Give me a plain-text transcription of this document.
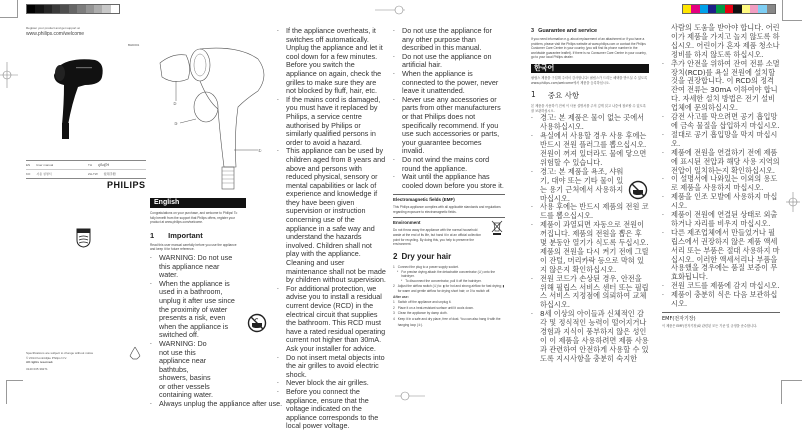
Register your product and get support at
www.philips.com/welcome
BHD001
①
②
③
EN User manual	TH คู่มือผู้ใช้
KO 사용 설명서	ZH-TW 使用手冊
PHILIPS
Specifications are subject to change without notice
© 2014 Koninklijke Philips N.V.
All rights reserved.
3140 035 39271
English
Congratulations on your purchase, and welcome to Philips! To fully benefit from the support that Philips offers, register your product at www.philips.com/welcome.
1 Important
Read this user manual carefully before you use the appliance and keep it for future reference.
- WARNING: Do not use this appliance near water.
- When the appliance is used in a bathroom, unplug it after use since the proximity of water presents a risk, even when the appliance is switched off.
- WARNING: Do not use this appliance near bathtubs, showers, basins or other vessels containing water.
- Always unplug the appliance after use.
- If the appliance overheats, it switches off automatically. Unplug the appliance and let it cool down for a few minutes. Before you switch the appliance on again, check the grilles to make sure they are not blocked by fluff, hair, etc.
- If the mains cord is damaged, you must have it replaced by Philips, a service centre authorised by Philips or similarly qualified persons in order to avoid a hazard.
- This appliance can be used by children aged from 8 years and above and persons with reduced physical, sensory or mental capabilities or lack of experience and knowledge if they have been given supervision or instruction concerning use of the appliance in a safe way and understand the hazards involved. Children shall not play with the appliance. Cleaning and user maintenance shall not be made by children without supervision.
- For additional protection, we advise you to install a residual current device (RCD) in the electrical circuit that supplies the bathroom. This RCD must have a rated residual operating current not higher than 30mA. Ask your installer for advice.
- Do not insert metal objects into the air grilles to avoid electric shock.
- Never block the air grilles.
- Before you connect the appliance, ensure that the voltage indicated on the appliance corresponds to the local power voltage.
- Do not use the appliance for any other purpose than described in this manual.
- Do not use the appliance on artificial hair.
- When the appliance is connected to the power, never leave it unattended.
- Never use any accessories or parts from other manufacturers or that Philips does not specifically recommend. If you use such accessories or parts, your guarantee becomes invalid.
- Do not wind the mains cord round the appliance.
- Wait until the appliance has cooled down before you store it.
Electromagnetic fields (EMF)
This Philips appliance complies with all applicable standards and regulations regarding exposure to electromagnetic fields.
Environment
Do not throw away the appliance with the normal household waste at the end of its life, but hand it in at an official collection point for recycling. By doing this, you help to preserve the environment.
2 Dry your hair
1 Connect the plug to a power supply socket.
* For precise drying attach the detachable concentrator (②) onto the hairdryer.
* To disconnect the concentrator, pull it off the hairdryer.
2 Adjust the airflow switch (①) to: ▮ for hot and strong airflow for fast drying; ▮ for warm and gentle airflow for drying short hair; or 0 to switch off.
After use:
1 Switch off the appliance and unplug it.
2 Place it on a heat-resistant surface until it cools down.
3 Clean the appliance by damp cloth.
4 Keep it in a safe and dry place, free of dust. You can also hang it with the hanging loop (③).
3 Guarantee and service
If you need information e.g. about replacement of an attachment or if you have a problem, please visit the Philips website at www.philips.com or contact the Philips Customer Care Centre in your country (you will find its phone number in the worldwide guarantee leaflet). If there is no Consumer Care Centre in your country, go to your local Philips dealer.
한국어
필립스 제품을 구입해 주셔서 감사합니다! 필립스가 드리는 혜택을 받으실 수 있도록 www.philips.com/welcome에서 제품을 등록하십시오.
1 중요 사항
본 제품을 사용하기 전에 이 사용 설명서를 주의 깊게 읽고 나중에 참조할 수 있도록 잘 보관하십시오.
- 경고: 본 제품은 물이 없는 곳에서 사용하십시오.
- 욕실에서 사용할 경우 사용 후에는 반드시 전원 플러그를 뽑으십시오. 전원이 꺼져 있더라도 물에 닿으면 위험할 수 있습니다.
- 경고: 본 제품을 욕조, 샤워기, 대야 또는 기타 물이 있는 용기 근처에서 사용하지 마십시오.
- 사용 후에는 반드시 제품의 전원 코드를 뽑으십시오.
- 제품이 과열되면 자동으로 전원이 꺼집니다. 제품의 전원을 뽑은 후 몇 분동안 열기가 식도록 두십시오. 제품의 전원을 다시 켜기 전에 그릴이 잔털, 머리카락 등으로 막혀 있지 않은지 확인하십시오.
- 전원 코드가 손상된 경우, 안전을 위해 필립스 서비스 센터 또는 필립스 서비스 지정점에 의뢰하여 교체하십시오.
- 8세 이상의 아이들과 신체적인 감각 및 정식적인 능력이 떨어지거나 경험과 지식이 풍부하지 않은 성인이 이 제품을 사용하려면 제품 사용과 관련하여 안전하게 사용할 수 있도록 지시사항을 충분히 숙지한
사람의 도움을 받아야 합니다. 어린이가 제품을 가지고 놀지 않도록 하십시오. 어린이가 혼자 제품 청소나 정비를 하지 않도록 하십시오.
- 추가 안전을 위하여 잔여 전류 소멸 장치(RCD)를 욕실 전원에 설치할 것을 권장합니다. 이 RCD의 정격 잔여 전류는 30mA 이하여야 합니다. 자세한 설치 방법은 전기 설비업체에 문의하십시오.
- 감전 사고를 막으려면 공기 흡입망에 금속 물질을 삽입하지 마십시오.
- 절대로 공기 흡입망을 막지 마십시오.
- 제품에 전원을 연결하기 전에 제품에 표시된 전압과 해당 사용 지역의 전압이 일치하는지 확인하십시오.
- 이 설명서에 나와있는 이외의 용도로 제품을 사용하지 마십시오.
- 제품을 인조 모발에 사용하지 마십시오.
- 제품이 전원에 연결된 상태로 외출하거나 자리를 비우지 마십시오.
- 다른 제조업체에서 만들었거나 필립스에서 권장하지 않은 제품 액세서리 또는 부품은 절대 사용하지 마십시오. 이러한 액세서리나 부품을 사용했을 경우에는 품질 보증이 무효화됩니다.
- 전원 코드를 제품에 감지 마십시오.
- 제품이 충분히 식은 다음 보관하십시오.
EMF(전자기장)
이 제품은 EMF(전자기장)와 관련된 모든 기준 및 규정을 준수합니다.
